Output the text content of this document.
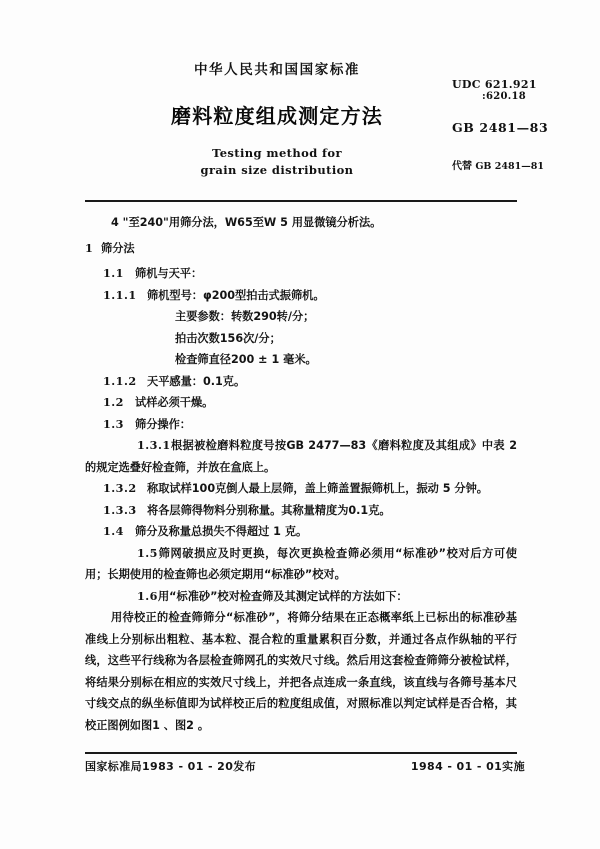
中华人民共和国国家标准
磨料粒度组成测定方法
Testing method for
grain size distribution
UDC 621.921
:620.18
GB 2481—83
代替 GB 2481—81
4 "至240"用筛分法，W65至W 5 用显微镜分析法。
1 筛分法
1.1 筛机与天平：
1.1.1 筛机型号：φ200型拍击式振筛机。
主要参数：转数290转/分；
拍击次数156次/分；
检查筛直径200 ± 1 毫米。
1.1.2 天平感量：0.1克。
1.2 试样必须干燥。
1.3 筛分操作：
1.3.1根据被检磨料粒度号按GB 2477—83《磨料粒度及其组成》中表 2 的规定选叠好检查筛，并放在盒底上。
1.3.2 称取试样100克倒人最上层筛，盖上筛盖置振筛机上，振动 5 分钟。
1.3.3 将各层筛得物料分别称量。其称量精度为0.1克。
1.4 筛分及称量总损失不得超过 1 克。
1.5筛网破损应及时更换，每次更换检查筛必须用“标准砂”校对后方可使用；长期使用的检查筛也必须定期用“标准砂”校对。
1.6用“标准砂”校对检查筛及其测定试样的方法如下：
用待校正的检查筛筛分“标准砂”，将筛分结果在正态概率纸上已标出的标准砂基准线上分别标出粗粒、基本粒、混合粒的重量累积百分数，并通过各点作纵轴的平行线，这些平行线称为各层检查筛网孔的实效尺寸线。然后用这套检查筛筛分被检试样，将结果分别标在相应的实效尺寸线上，并把各点连成一条直线，该直线与各筛号基本尺寸线交点的纵坐标值即为试样校正后的粒度组成值，对照标准以判定试样是否合格，其校正图例如图1 、图2 。
国家标准局1983 - 01 - 20发布	1984 - 01 - 01实施
